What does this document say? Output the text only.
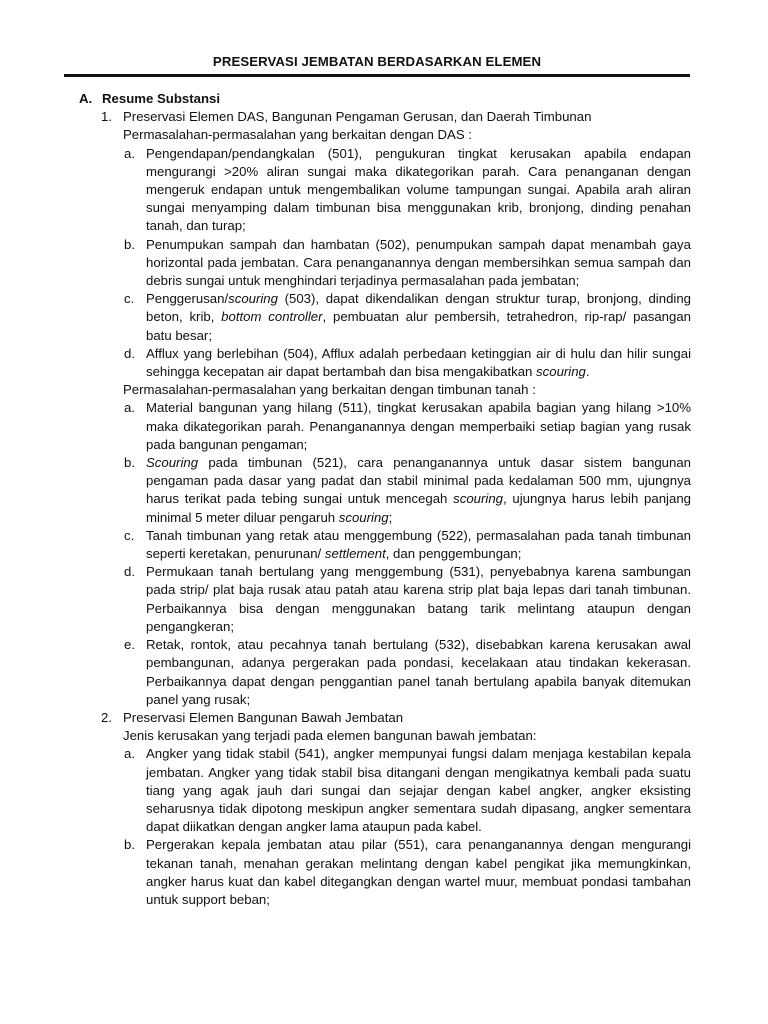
PRESERVASI JEMBATAN BERDASARKAN ELEMEN
A. Resume Substansi
1. Preservasi Elemen DAS, Bangunan Pengaman Gerusan, dan Daerah Timbunan
Permasalahan-permasalahan yang berkaitan dengan DAS :
a. Pengendapan/pendangkalan (501), pengukuran tingkat kerusakan apabila endapan mengurangi >20% aliran sungai maka dikategorikan parah. Cara penanganan dengan mengeruk endapan untuk mengembalikan volume tampungan sungai. Apabila arah aliran sungai menyamping dalam timbunan bisa menggunakan krib, bronjong, dinding penahan tanah, dan turap;
b. Penumpukan sampah dan hambatan (502), penumpukan sampah dapat menambah gaya horizontal pada jembatan. Cara penanganannya dengan membersihkan semua sampah dan debris sungai untuk menghindari terjadinya permasalahan pada jembatan;
c. Penggerusan/scouring (503), dapat dikendalikan dengan struktur turap, bronjong, dinding beton, krib, bottom controller, pembuatan alur pembersih, tetrahedron, rip-rap/ pasangan batu besar;
d. Afflux yang berlebihan (504), Afflux adalah perbedaan ketinggian air di hulu dan hilir sungai sehingga kecepatan air dapat bertambah dan bisa mengakibatkan scouring.
Permasalahan-permasalahan yang berkaitan dengan timbunan tanah :
a. Material bangunan yang hilang (511), tingkat kerusakan apabila bagian yang hilang >10% maka dikategorikan parah. Penanganannya dengan memperbaiki setiap bagian yang rusak pada bangunan pengaman;
b. Scouring pada timbunan (521), cara penanganannya untuk dasar sistem bangunan pengaman pada dasar yang padat dan stabil minimal pada kedalaman 500 mm, ujungnya harus terikat pada tebing sungai untuk mencegah scouring, ujungnya harus lebih panjang minimal 5 meter diluar pengaruh scouring;
c. Tanah timbunan yang retak atau menggembung (522), permasalahan pada tanah timbunan seperti keretakan, penurunan/ settlement, dan penggembungan;
d. Permukaan tanah bertulang yang menggembung (531), penyebabnya karena sambungan pada strip/ plat baja rusak atau patah atau karena strip plat baja lepas dari tanah timbunan. Perbaikannya bisa dengan menggunakan batang tarik melintang ataupun dengan pengangkeran;
e. Retak, rontok, atau pecahnya tanah bertulang (532), disebabkan karena kerusakan awal pembangunan, adanya pergerakan pada pondasi, kecelakaan atau tindakan kekerasan. Perbaikannya dapat dengan penggantian panel tanah bertulang apabila banyak ditemukan panel yang rusak;
2. Preservasi Elemen Bangunan Bawah Jembatan
Jenis kerusakan yang terjadi pada elemen bangunan bawah jembatan:
a. Angker yang tidak stabil (541), angker mempunyai fungsi dalam menjaga kestabilan kepala jembatan. Angker yang tidak stabil bisa ditangani dengan mengikatnya kembali pada suatu tiang yang agak jauh dari sungai dan sejajar dengan kabel angker, angker eksisting seharusnya tidak dipotong meskipun angker sementara sudah dipasang, angker sementara dapat diikatkan dengan angker lama ataupun pada kabel.
b. Pergerakan kepala jembatan atau pilar (551), cara penanganannya dengan mengurangi tekanan tanah, menahan gerakan melintang dengan kabel pengikat jika memungkinkan, angker harus kuat dan kabel ditegangkan dengan wartel muur, membuat pondasi tambahan untuk support beban;
